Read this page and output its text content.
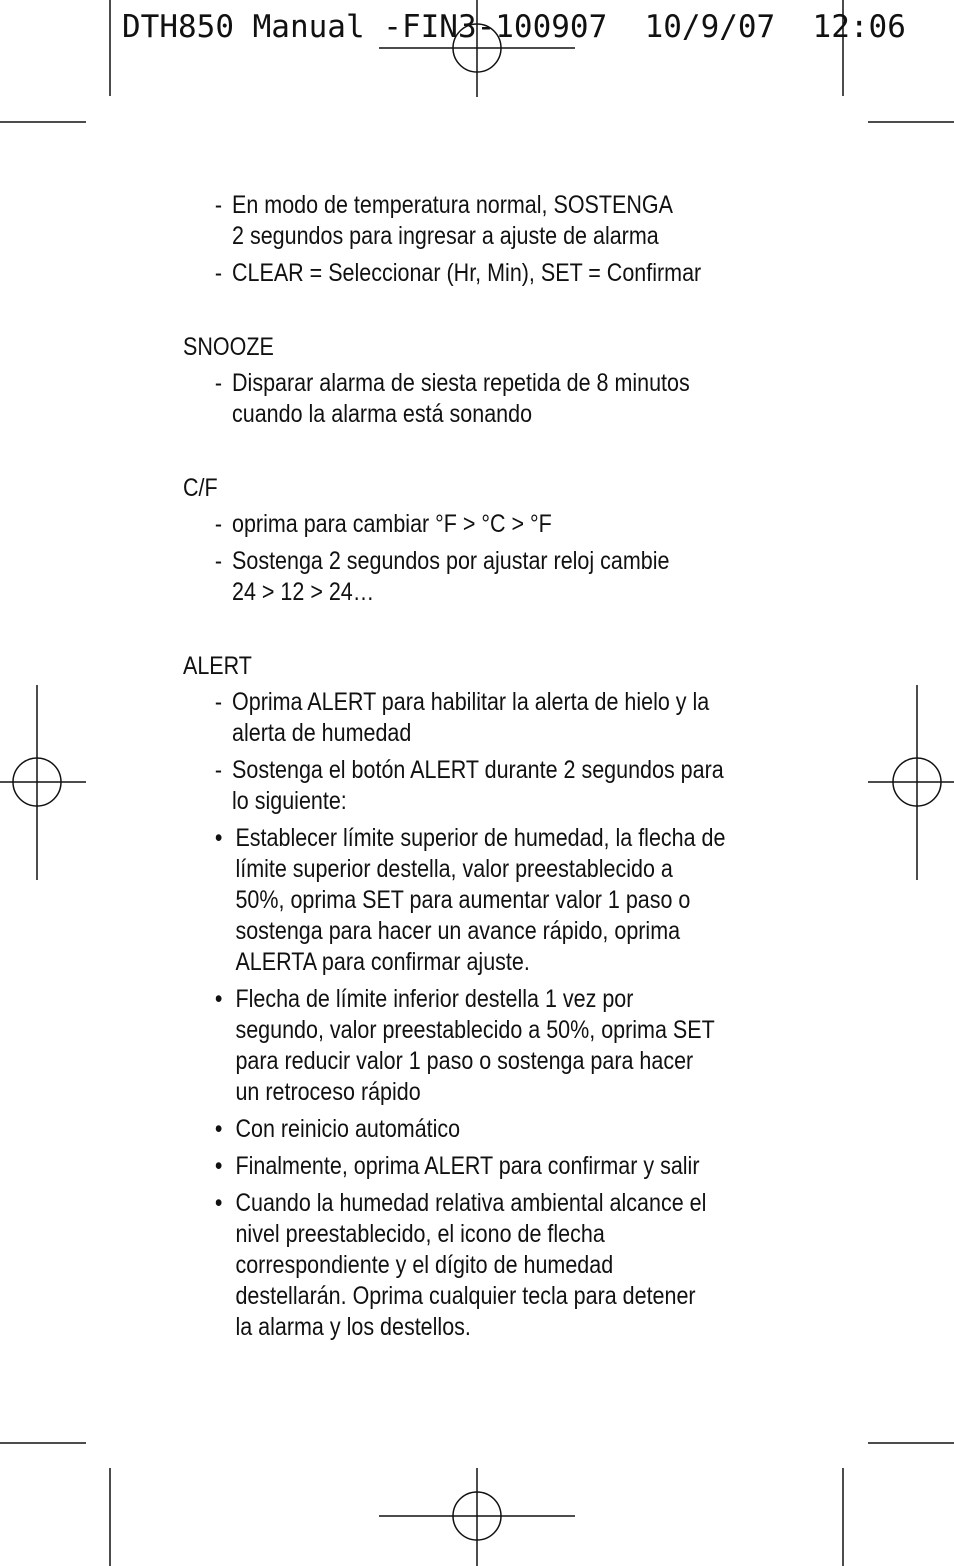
DTH850 Manual -FIN3-100907  10/9/07  12:06

- En modo de temperatura normal, SOSTENGA
2 segundos para ingresar a ajuste de alarma
- CLEAR = Seleccionar (Hr, Min), SET = Confirmar
SNOOZE
- Disparar alarma de siesta repetida de 8 minutos
cuando la alarma está sonando
C/F
- oprima para cambiar °F > °C > °F
- Sostenga 2 segundos por ajustar reloj cambie
24 > 12 > 24…
ALERT
- Oprima ALERT para habilitar la alerta de hielo y la
alerta de humedad
- Sostenga el botón ALERT durante 2 segundos para
lo siguiente:
• Establecer límite superior de humedad, la flecha de
límite superior destella, valor preestablecido a
50%, oprima SET para aumentar valor 1 paso o
sostenga para hacer un avance rápido, oprima
ALERTA para confirmar ajuste.
• Flecha de límite inferior destella 1 vez por
segundo, valor preestablecido a 50%, oprima SET
para reducir valor 1 paso o sostenga para hacer
un retroceso rápido
• Con reinicio automático
• Finalmente, oprima ALERT para confirmar y salir
• Cuando la humedad relativa ambiental alcance el
nivel preestablecido, el icono de flecha
correspondiente y el dígito de humedad
destellarán. Oprima cualquier tecla para detener
la alarma y los destellos.
